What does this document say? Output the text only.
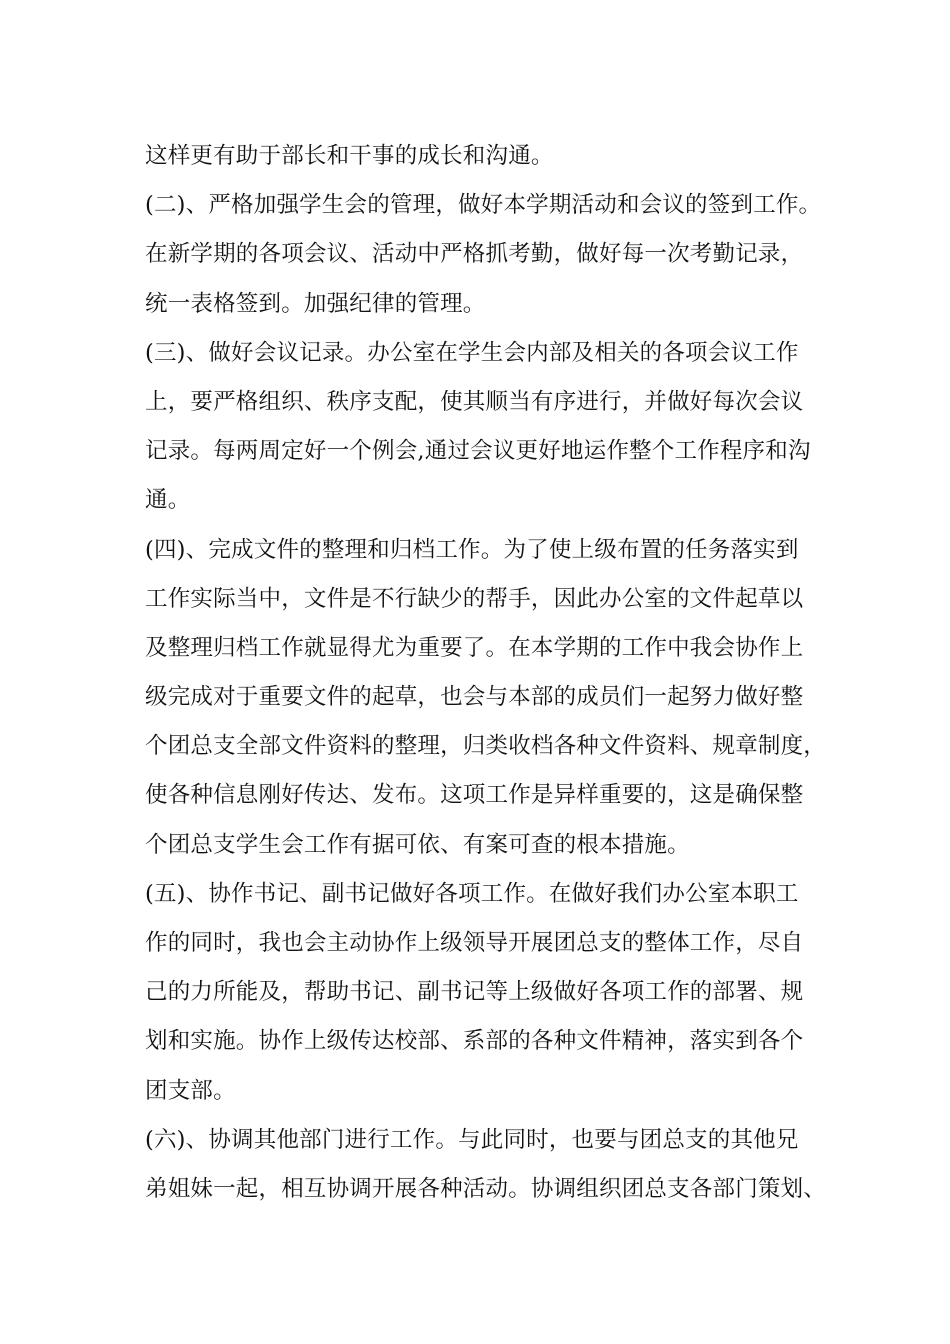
这样更有助于部长和干事的成长和沟通。
(二)、严格加强学生会的管理，做好本学期活动和会议的签到工作。
在新学期的各项会议、活动中严格抓考勤，做好每一次考勤记录，
统一表格签到。加强纪律的管理。
(三)、做好会议记录。办公室在学生会内部及相关的各项会议工作
上，要严格组织、秩序支配，使其顺当有序进行，并做好每次会议
记录。每两周定好一个例会,通过会议更好地运作整个工作程序和沟
通。
(四)、完成文件的整理和归档工作。为了使上级布置的任务落实到
工作实际当中，文件是不行缺少的帮手，因此办公室的文件起草以
及整理归档工作就显得尤为重要了。在本学期的工作中我会协作上
级完成对于重要文件的起草，也会与本部的成员们一起努力做好整
个团总支全部文件资料的整理，归类收档各种文件资料、规章制度，
使各种信息刚好传达、发布。这项工作是异样重要的，这是确保整
个团总支学生会工作有据可依、有案可查的根本措施。
(五)、协作书记、副书记做好各项工作。在做好我们办公室本职工
作的同时，我也会主动协作上级领导开展团总支的整体工作，尽自
己的力所能及，帮助书记、副书记等上级做好各项工作的部署、规
划和实施。协作上级传达校部、系部的各种文件精神，落实到各个
团支部。
(六)、协调其他部门进行工作。与此同时，也要与团总支的其他兄
弟姐妹一起，相互协调开展各种活动。协调组织团总支各部门策划、
